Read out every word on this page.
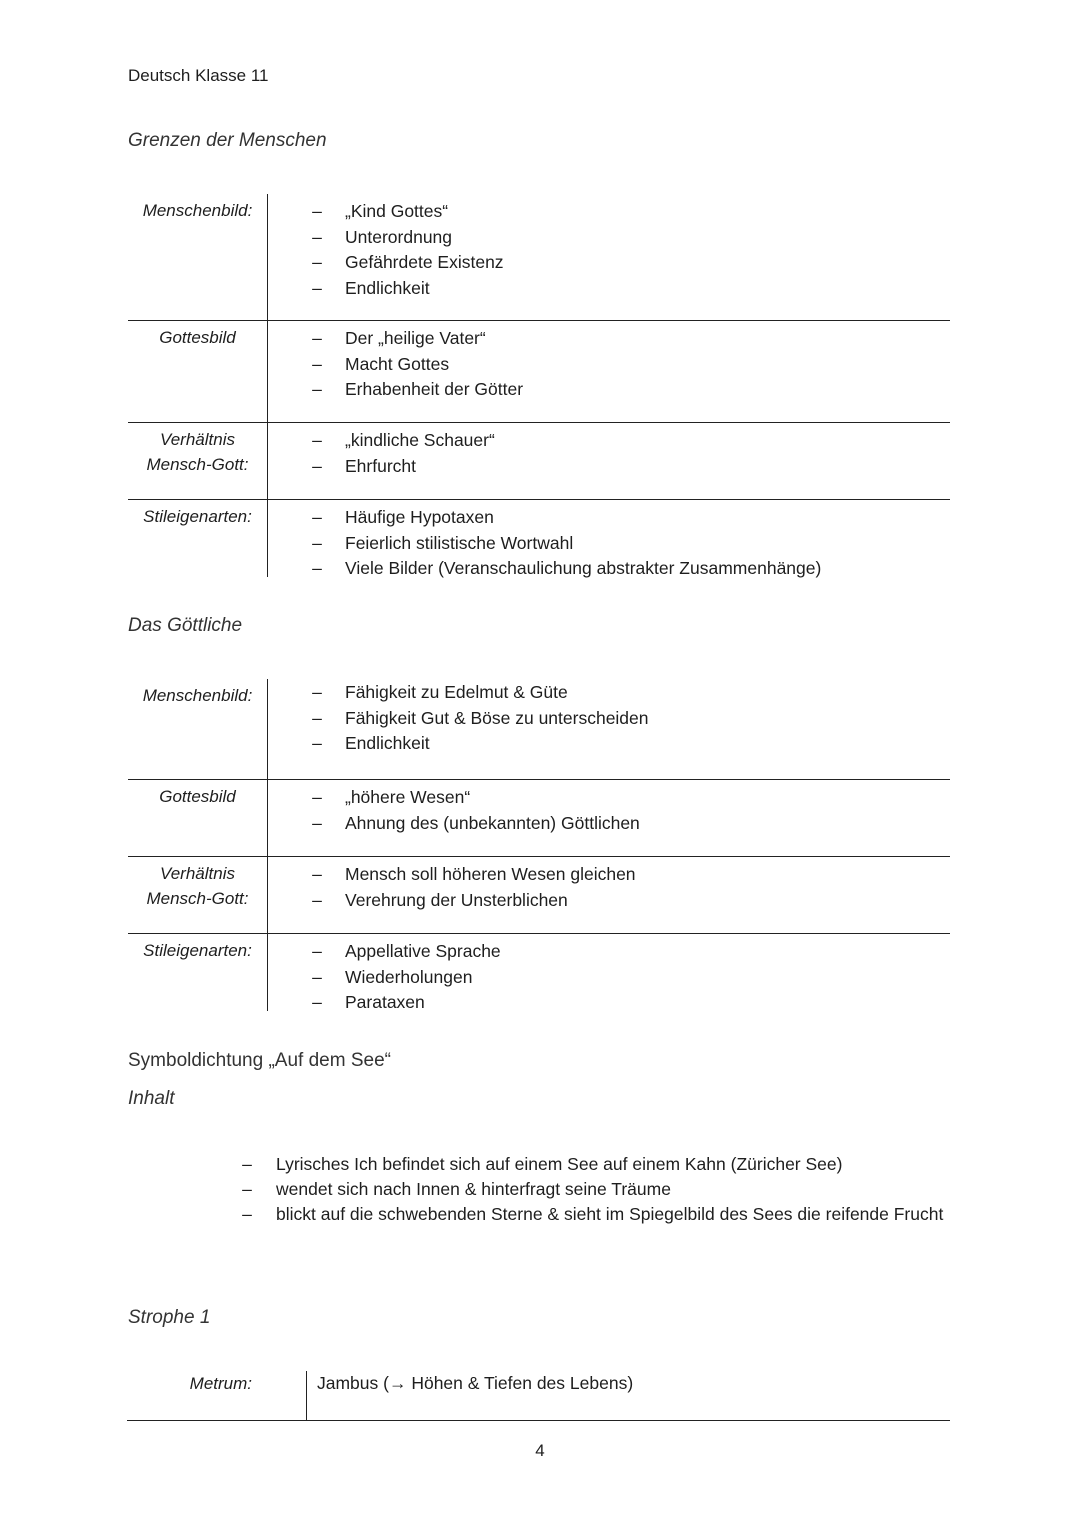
Deutsch Klasse 11
Grenzen der Menschen
Menschenbild:	– „Kind Gottes“
– Unterordnung
– Gefährdete Existenz
– Endlichkeit
Gottesbild	– Der „heilige Vater“
– Macht Gottes
– Erhabenheit der Götter
Verhältnis Mensch-Gott:
– „kindliche Schauer“
– Ehrfurcht
Stileigenarten:	– Häufige Hypotaxen
– Feierlich stilistische Wortwahl
– Viele Bilder (Veranschaulichung abstrakter Zusammenhänge)
Das Göttliche
Menschenbild:	– Fähigkeit zu Edelmut & Güte
– Fähigkeit Gut & Böse zu unterscheiden
– Endlichkeit
Gottesbild	– „höhere Wesen“
– Ahnung des (unbekannten) Göttlichen
Verhältnis Mensch-Gott:
– Mensch soll höheren Wesen gleichen
– Verehrung der Unsterblichen
Stileigenarten:	– Appellative Sprache
– Wiederholungen
– Parataxen
Symboldichtung „Auf dem See“
Inhalt
– Lyrisches Ich befindet sich auf einem See auf einem Kahn (Züricher See)
– wendet sich nach Innen & hinterfragt seine Träume
– blickt auf die schwebenden Sterne & sieht im Spiegelbild des Sees die reifende Frucht
Strophe 1
Metrum:	Jambus (→ Höhen & Tiefen des Lebens)
4
